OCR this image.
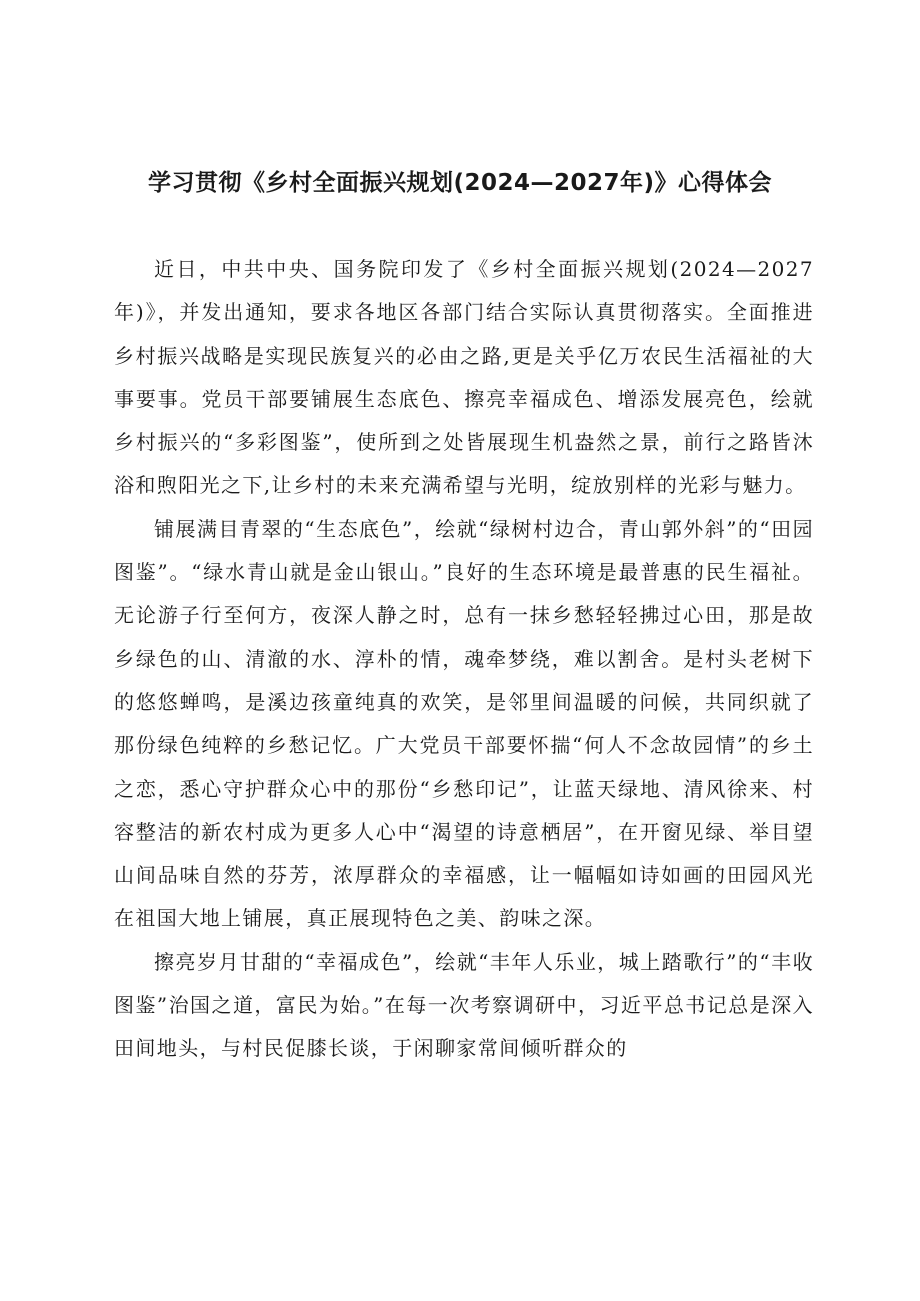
学习贯彻《乡村全面振兴规划(2024—2027年)》心得体会

近日，中共中央、国务院印发了《乡村全面振兴规划(2024—2027年)》，并发出通知，要求各地区各部门结合实际认真贯彻落实。全面推进乡村振兴战略是实现民族复兴的必由之路,更是关乎亿万农民生活福祉的大事要事。党员干部要铺展生态底色、擦亮幸福成色、增添发展亮色，绘就乡村振兴的“多彩图鉴”，使所到之处皆展现生机盎然之景，前行之路皆沐浴和煦阳光之下,让乡村的未来充满希望与光明，绽放别样的光彩与魅力。

铺展满目青翠的“生态底色”，绘就“绿树村边合，青山郭外斜”的“田园图鉴”。“绿水青山就是金山银山。”良好的生态环境是最普惠的民生福祉。无论游子行至何方，夜深人静之时，总有一抹乡愁轻轻拂过心田，那是故乡绿色的山、清澈的水、淳朴的情，魂牵梦绕，难以割舍。是村头老树下的悠悠蝉鸣，是溪边孩童纯真的欢笑，是邻里间温暖的问候，共同织就了那份绿色纯粹的乡愁记忆。广大党员干部要怀揣“何人不念故园情”的乡土之恋，悉心守护群众心中的那份“乡愁印记”，让蓝天绿地、清风徐来、村容整洁的新农村成为更多人心中“渴望的诗意栖居”，在开窗见绿、举目望山间品味自然的芬芳，浓厚群众的幸福感，让一幅幅如诗如画的田园风光在祖国大地上铺展，真正展现特色之美、韵味之深。

擦亮岁月甘甜的“幸福成色”，绘就“丰年人乐业，城上踏歌行”的“丰收图鉴”治国之道，富民为始。”在每一次考察调研中，习近平总书记总是深入田间地头，与村民促膝长谈，于闲聊家常间倾听群众的
